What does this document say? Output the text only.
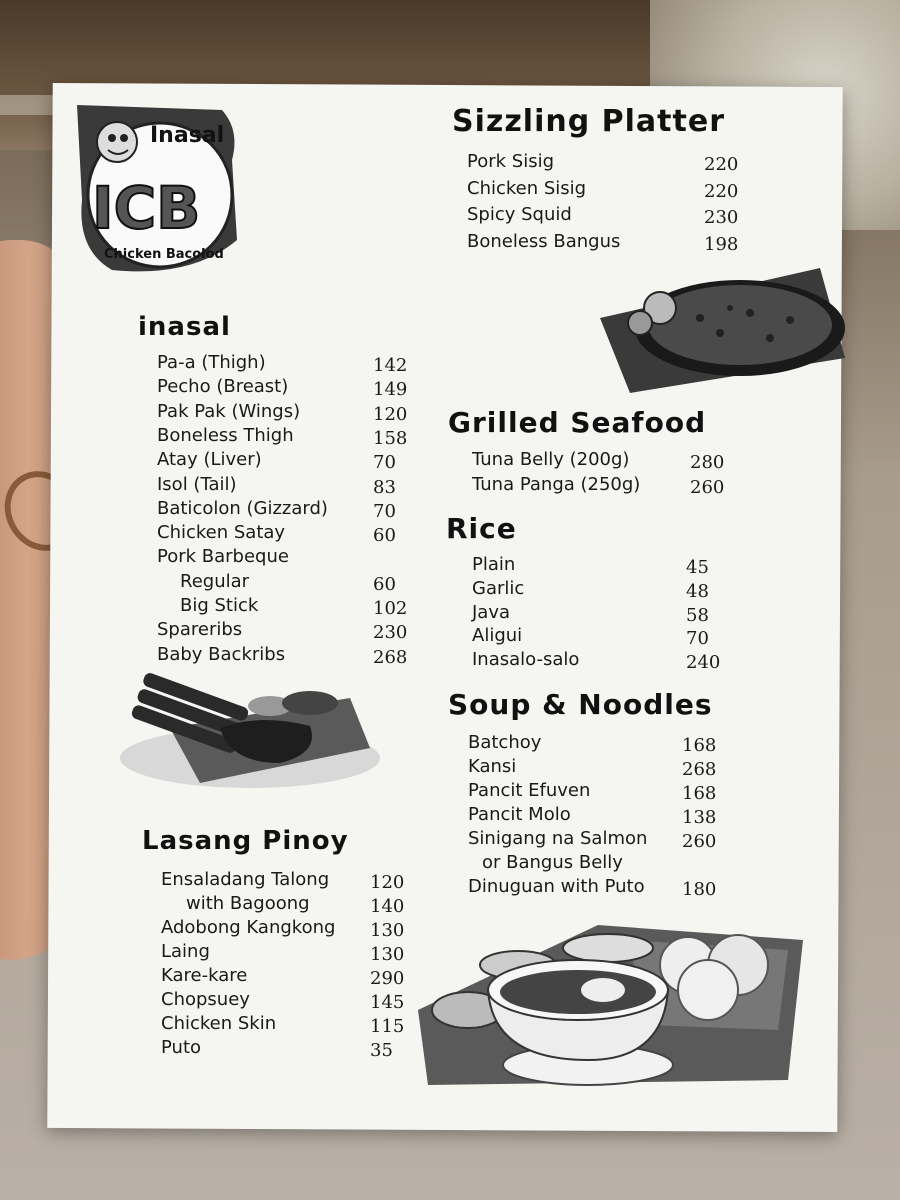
Inasal
ICB
Chicken Bacolod
inasal
Pa-a (Thigh)	142
Pecho (Breast)	149
Pak Pak (Wings)	120
Boneless Thigh	158
Atay (Liver)	70
Isol (Tail)	83
Baticolon (Gizzard)	70
Chicken Satay	60
Pork Barbeque
Regular	60
Big Stick	102
Spareribs	230
Baby Backribs	268
Lasang Pinoy
Ensaladang Talong 120
with Bagoong	140
Adobong Kangkong 130
Laing	130
Kare-kare	290
Chopsuey	145
Chicken Skin	115
Puto	35
Sizzling Platter
Pork Sisig	220
Chicken Sisig	220
Spicy Squid	230
Boneless Bangus	198
Grilled Seafood
Tuna Belly (200g)	280
Tuna Panga (250g)	260
Rice
Plain	45
Garlic	48
Java	58
Aligui	70
Inasalo-salo	240
Soup & Noodles
Batchoy	168
Kansi	268
Pancit Efuven	168
Pancit Molo	138
Sinigang na Salmon 260
or Bangus Belly
Dinuguan with Puto 180
